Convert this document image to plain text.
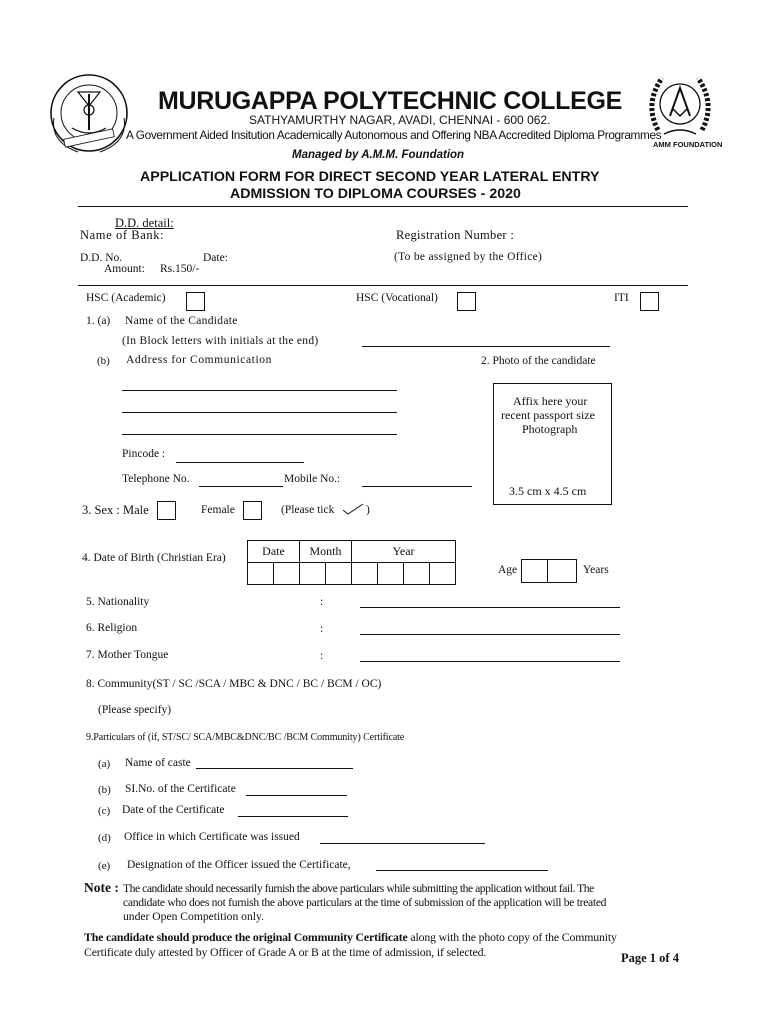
MURUGAPPA POLYTECHNIC COLLEGE
SATHYAMURTHY NAGAR, AVADI, CHENNAI - 600 062.
A Government Aided Insitution Academically Autonomous and Offering NBA Accredited Diploma Programmes
Managed by A.M.M. Foundation
AMM FOUNDATION
APPLICATION FORM FOR DIRECT SECOND YEAR LATERAL ENTRY
ADMISSION TO DIPLOMA COURSES - 2020
D.D. detail:
Name of Bank:	Registration Number :
D.D. No.	Date:	(To be assigned by the Office)
Amount: Rs.150/-
HSC (Academic)	HSC (Vocational)	ITI
1. (a) Name of the Candidate
(In Block letters with initials at the end)
(b) Address for Communication
Pincode :
Telephone No.	Mobile No.:
2. Photo of the candidate
Affix here your
recent passport size
Photograph
3.5 cm x 4.5 cm
3. Sex : Male	Female	(Please tick	)
4. Date of Birth (Christian Era)	Date		Month		Year			

Age	Years
5. Nationality	:
6. Religion	:
7. Mother Tongue	:
8. Community(ST / SC /SCA / MBC & DNC / BC / BCM / OC)
(Please specify)
9.Particulars of (if, ST/SC/ SCA/MBC&DNC/BC /BCM Community) Certificate
(a) Name of caste
(b) SI.No. of the Certificate
(c) Date of the Certificate
(d) Office in which Certificate was issued
(e) Designation of the Officer issued the Certificate,
Note : The candidate should necessarily furnish the above particulars while submitting the application without fail. The
candidate who does not furnish the above particulars at the time of submission of the application will be treated
under Open Competition only.
The candidate should produce the original Community Certificate along with the photo copy of the Community
Certificate duly attested by Officer of Grade A or B at the time of admission, if selected.	Page 1 of 4
